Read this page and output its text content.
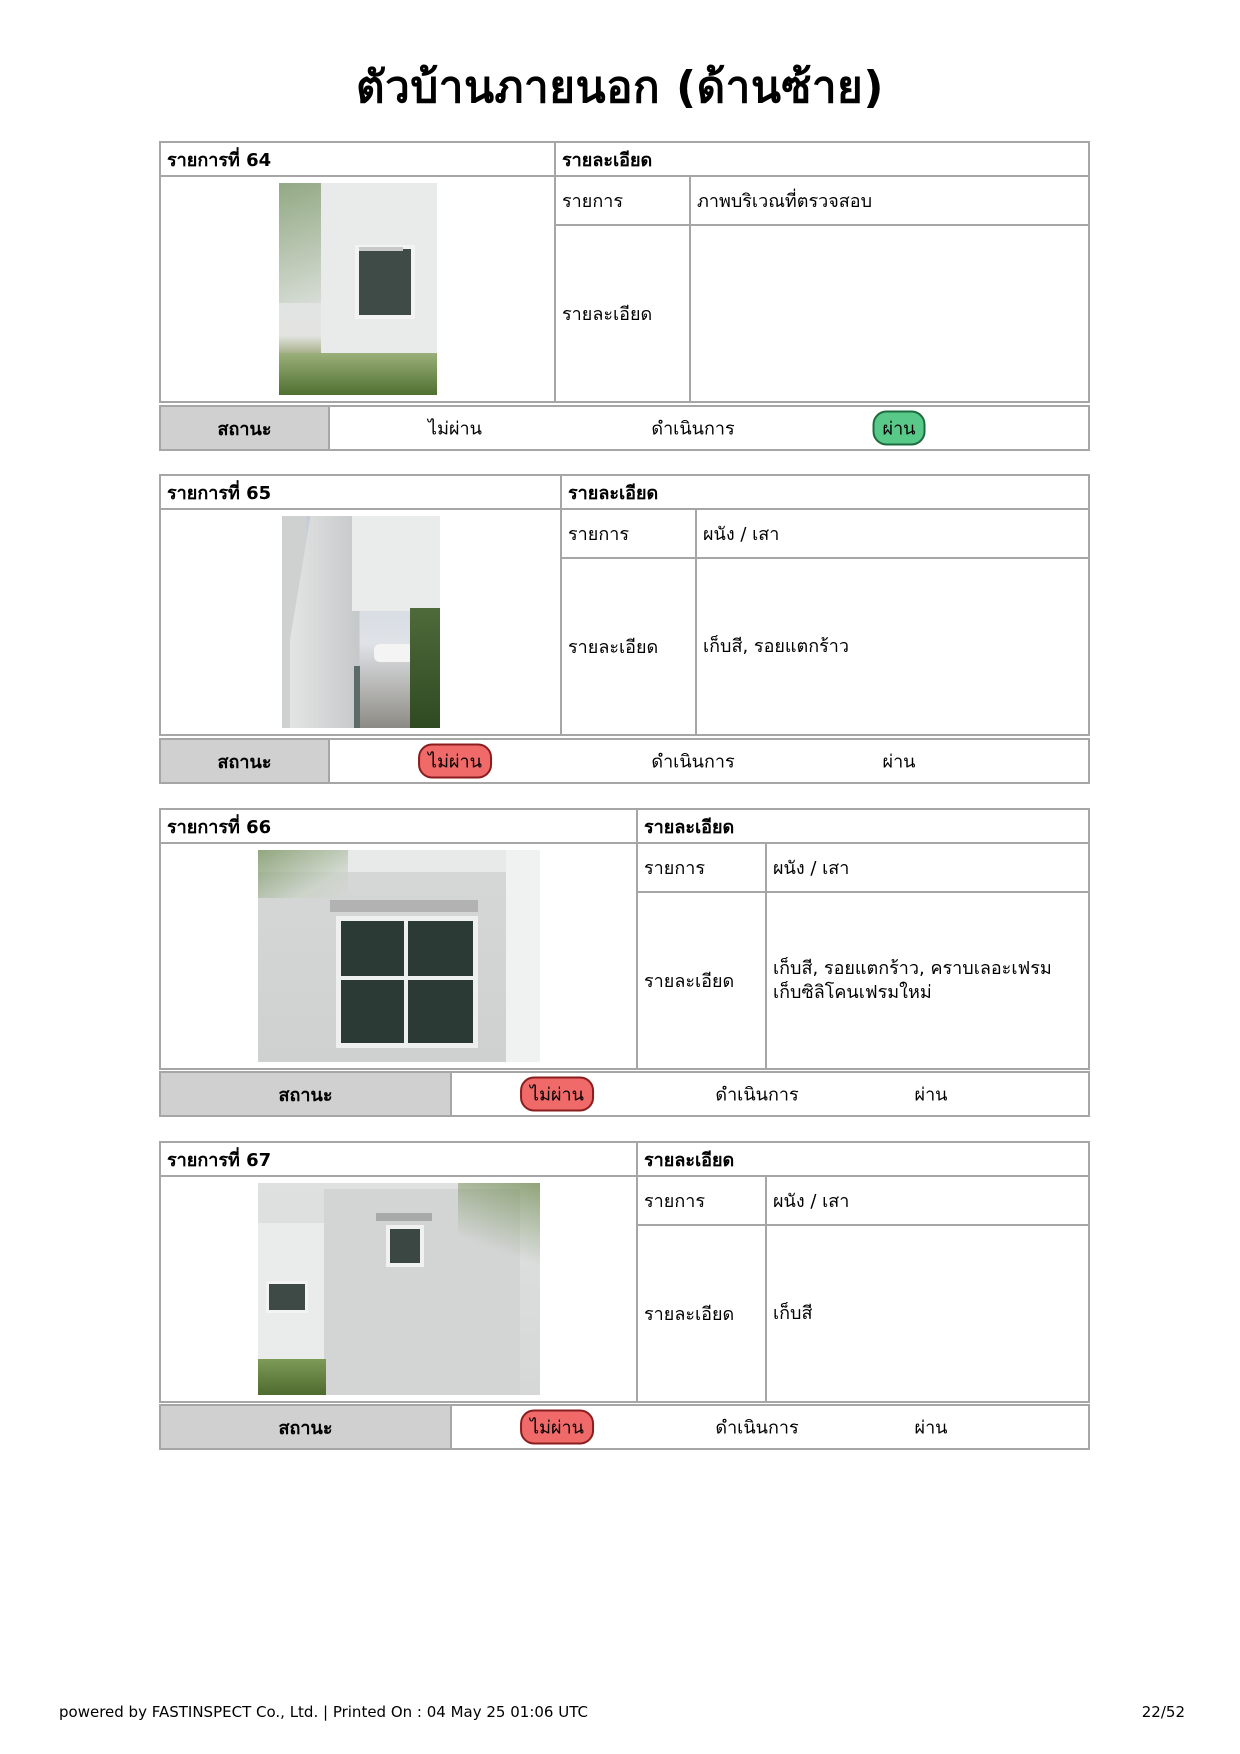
ตัวบ้านภายนอก (ด้านซ้าย)
รายการที่ 64	รายละเอียด	

	รายการ	ภาพบริเวณที่ตรวจสอบ
	รายละเอียด	
สถานะ	ไม่ผ่าน	ดำเนินการ	ผ่าน
รายการที่ 65	รายละเอียด	

	รายการ	ผนัง / เสา
	รายละเอียด	เก็บสี, รอยแตกร้าว
สถานะ	ไม่ผ่าน	ดำเนินการ	ผ่าน
รายการที่ 66	รายละเอียด	

	รายการ	ผนัง / เสา
	รายละเอียด	เก็บสี, รอยแตกร้าว, คราบเลอะเฟรม
เก็บซิลิโคนเฟรมใหม่
สถานะ	ไม่ผ่าน	ดำเนินการ	ผ่าน
รายการที่ 67	รายละเอียด	

	รายการ	ผนัง / เสา
	รายละเอียด	เก็บสี
สถานะ	ไม่ผ่าน	ดำเนินการ	ผ่าน
powered by FASTINSPECT Co., Ltd. | Printed On : 04 May 25 01:06 UTC	22/52
